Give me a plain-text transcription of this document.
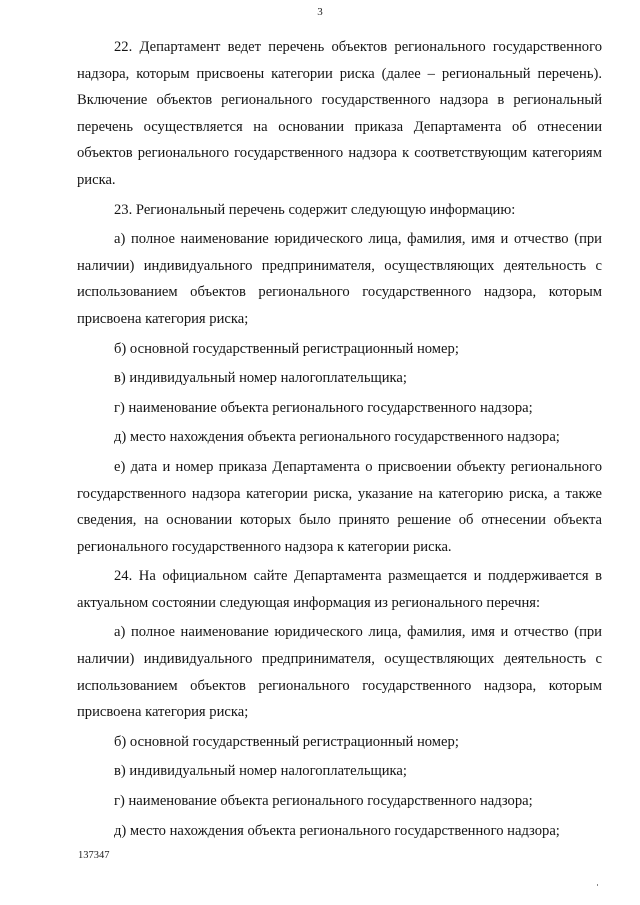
3

22. Департамент ведет перечень объектов регионального государственного надзора, которым присвоены категории риска (далее – региональный перечень). Включение объектов регионального государственного надзора в региональный перечень осуществляется на основании приказа Департамента об отнесении объектов регионального государственного надзора к соответствующим категориям риска.

23. Региональный перечень содержит следующую информацию:

а) полное наименование юридического лица, фамилия, имя и отчество (при наличии) индивидуального предпринимателя, осуществляющих деятельность с использованием объектов регионального государственного надзора, которым присвоена категория риска;

б) основной государственный регистрационный номер;

в) индивидуальный номер налогоплательщика;

г) наименование объекта регионального государственного надзора;

д) место нахождения объекта регионального государственного надзора;

е) дата и номер приказа Департамента о присвоении объекту регионального государственного надзора категории риска, указание на категорию риска, а также сведения, на основании которых было принято решение об отнесении объекта регионального государственного надзора к категории риска.

24. На официальном сайте Департамента размещается и поддерживается в актуальном состоянии следующая информация из регионального перечня:

а) полное наименование юридического лица, фамилия, имя и отчество (при наличии) индивидуального предпринимателя, осуществляющих деятельность с использованием объектов регионального государственного надзора, которым присвоена категория риска;

б) основной государственный регистрационный номер;

в) индивидуальный номер налогоплательщика;

г) наименование объекта регионального государственного надзора;

д) место нахождения объекта регионального государственного надзора;

137347
